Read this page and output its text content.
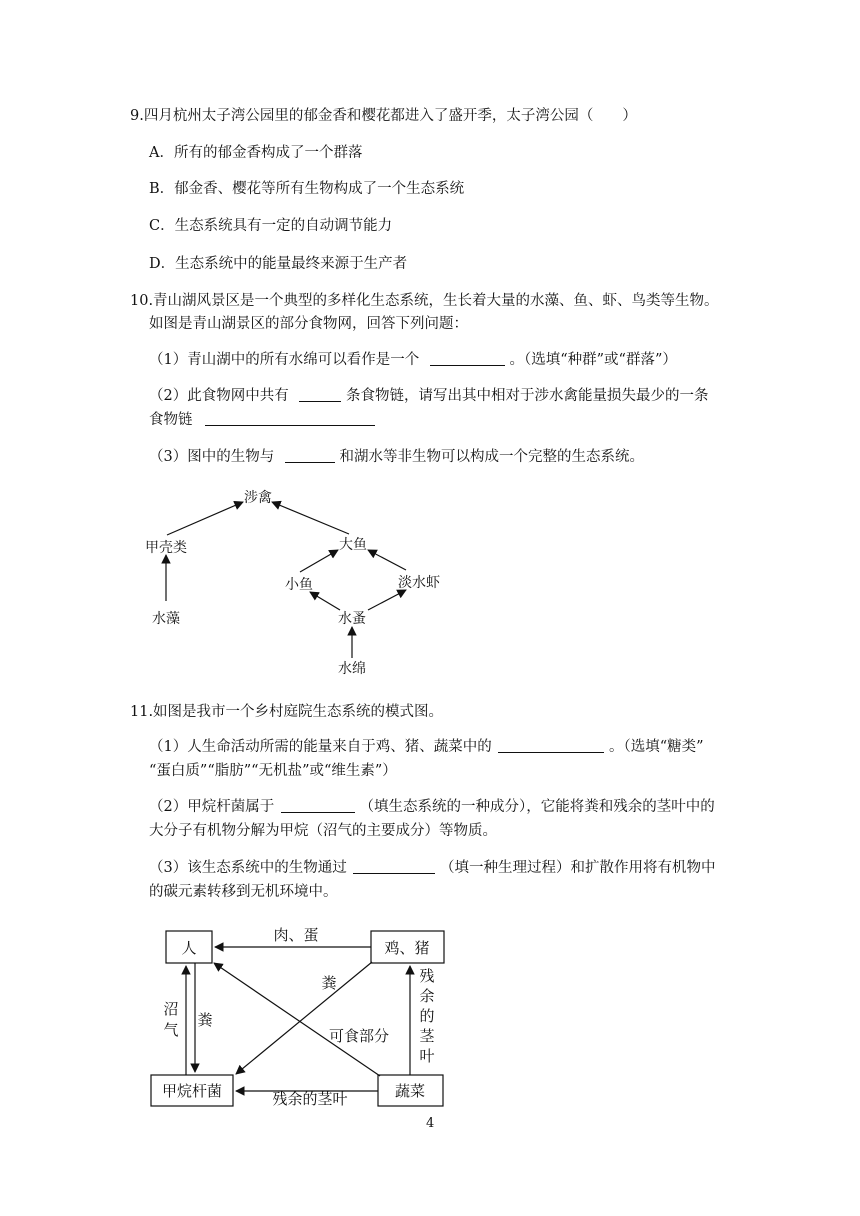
9.四月杭州太子湾公园里的郁金香和樱花都进入了盛开季，太子湾公园（　　）
A．所有的郁金香构成了一个群落
B．郁金香、樱花等所有生物构成了一个生态系统
C．生态系统具有一定的自动调节能力
D．生态系统中的能量最终来源于生产者
10.青山湖风景区是一个典型的多样化生态系统，生长着大量的水藻、鱼、虾、鸟类等生物。
如图是青山湖景区的部分食物网，回答下列问题：
（1）青山湖中的所有水绵可以看作是一个	。（选填“种群”或“群落”）
（2）此食物网中共有	条食物链，请写出其中相对于涉水禽能量损失最少的一条
食物链
（3）图中的生物与	和湖水等非生物可以构成一个完整的生态系统。
11.如图是我市一个乡村庭院生态系统的模式图。
（1）人生命活动所需的能量来自于鸡、猪、蔬菜中的	。（选填“糖类”
“蛋白质”“脂肪”“无机盐”或“维生素”）
（2）甲烷杆菌属于	（填生态系统的一种成分），它能将粪和残余的茎叶中的
大分子有机物分解为甲烷（沼气的主要成分）等物质。
（3）该生态系统中的生物通过	（填一种生理过程）和扩散作用将有机物中
的碳元素转移到无机环境中。
涉禽
甲壳类	大鱼
小鱼	淡水虾
水藻	水蚤
水绵
人	鸡、猪
甲烷杆菌	蔬菜
肉、蛋
粪
可食部分
残余的茎叶
沼
气
粪
残
余
的
茎
叶
4
